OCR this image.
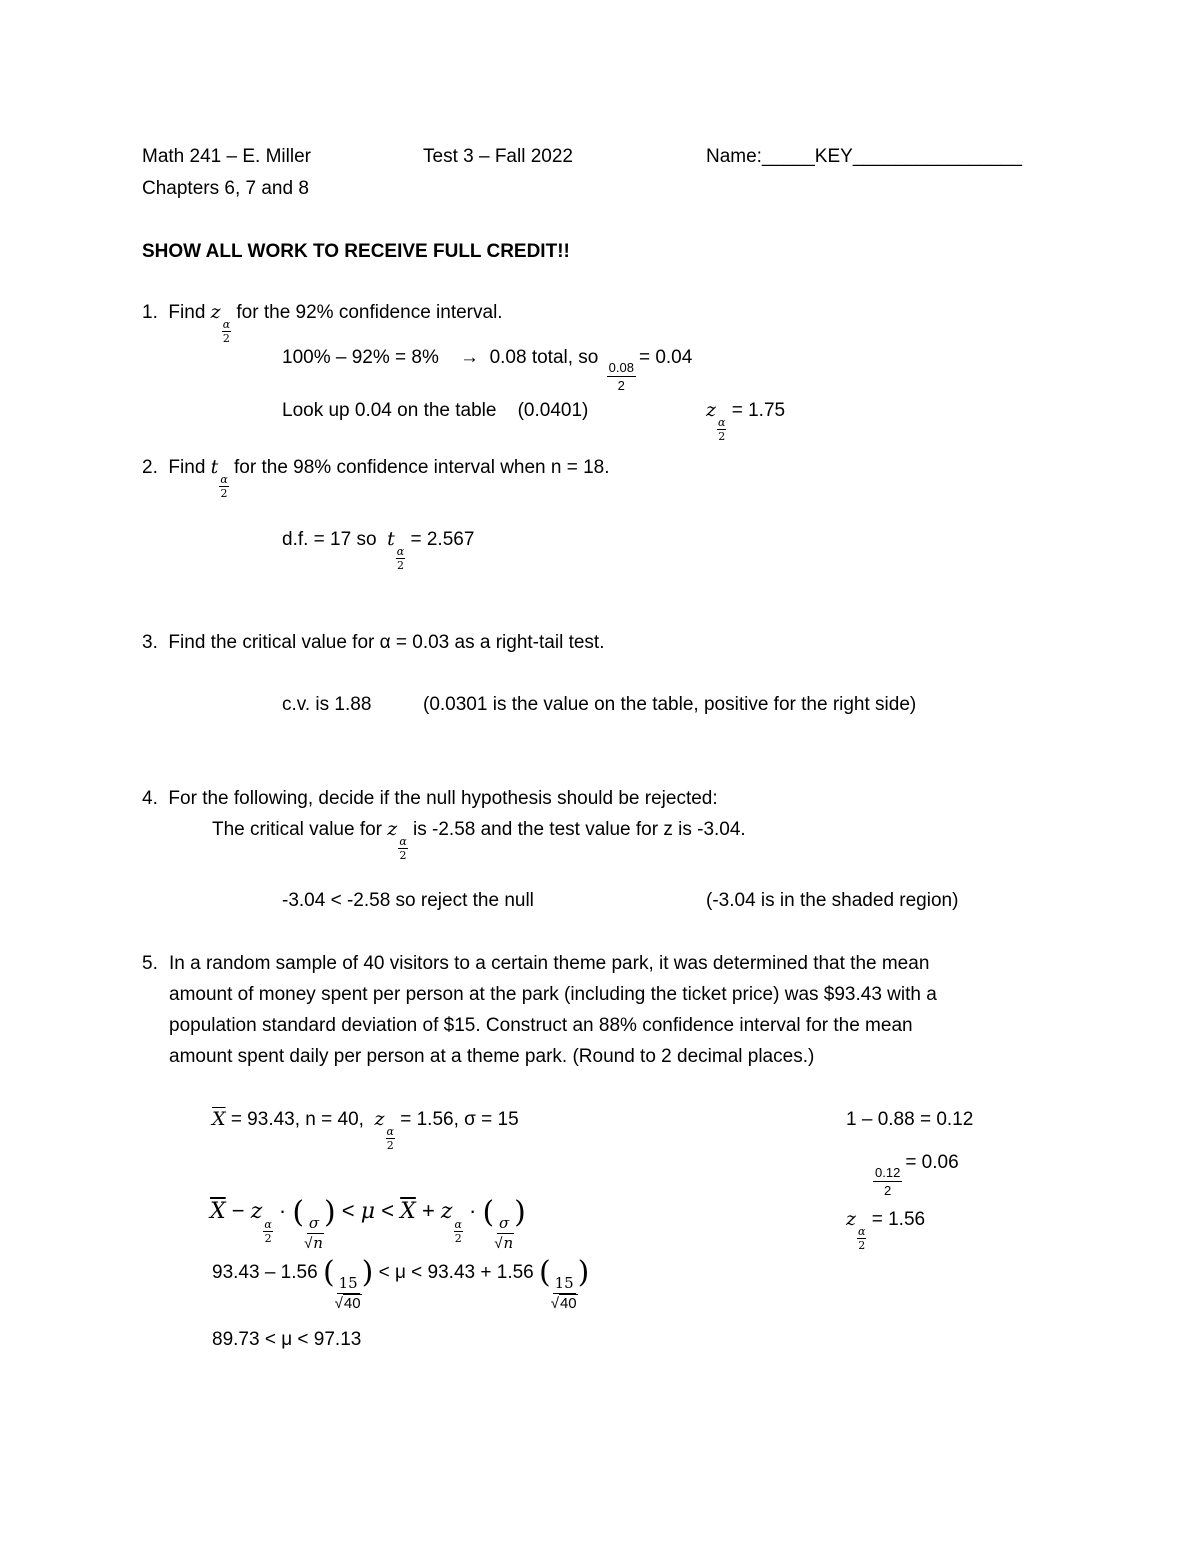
Math 241 – E. Miller	Test 3 – Fall 2022	Name:_____KEY________________
Chapters 6, 7 and 8
SHOW ALL WORK TO RECEIVE FULL CREDIT!!
1. Find z
$\frac{\alpha}{2}$
for the 92% confidence interval.
100% – 92% = 8% → 0.08 total, so
$\frac{0.08}{2}$
= 0.04
Look up 0.04 on the table (0.0401)	z
$\frac{\alpha}{2}$
= 1.75
2. Find t
$\frac{\alpha}{2}$
for the 98% confidence interval when n = 18.
d.f. = 17 so t
$\frac{\alpha}{2}$
= 2.567
3. Find the critical value for α = 0.03 as a right-tail test.
c.v. is 1.88	(0.0301 is the value on the table, positive for the right side)
4. For the following, decide if the null hypothesis should be rejected:
The critical value for z
$\frac{\alpha}{2}$
is -2.58 and the test value for z is -3.04.
-3.04 < -2.58 so reject the null	(-3.04 is in the shaded region)
5. In a random sample of 40 visitors to a certain theme park, it was determined that the mean
amount of money spent per person at the park (including the ticket price) was $93.43 with a
population standard deviation of $15. Construct an 88% confidence interval for the mean
amount spent daily per person at a theme park. (Round to 2 decimal places.)
$\overline{X} = 93.43$, n = 40, z
$\frac{\alpha}{2}$
= 1.56, σ = 15	1 – 0.88 = 0.12
$\frac{0.12}{2}$
= 0.06
z
$\frac{\alpha}{2}$
= 1.56
$\overline{X} - z$
$\frac{\alpha}{2}$
· (
$\frac{\sigma}{√n}$
) < $\mu < \overline{X} + z$
$\frac{\alpha}{2}$
· (
$\frac{\sigma}{√n}$
)
93.43 – 1.56 (
$\frac{15}{√40}$
) < μ < 93.43 + 1.56 (
$\frac{15}{√40}$
)
89.73 < μ < 97.13
